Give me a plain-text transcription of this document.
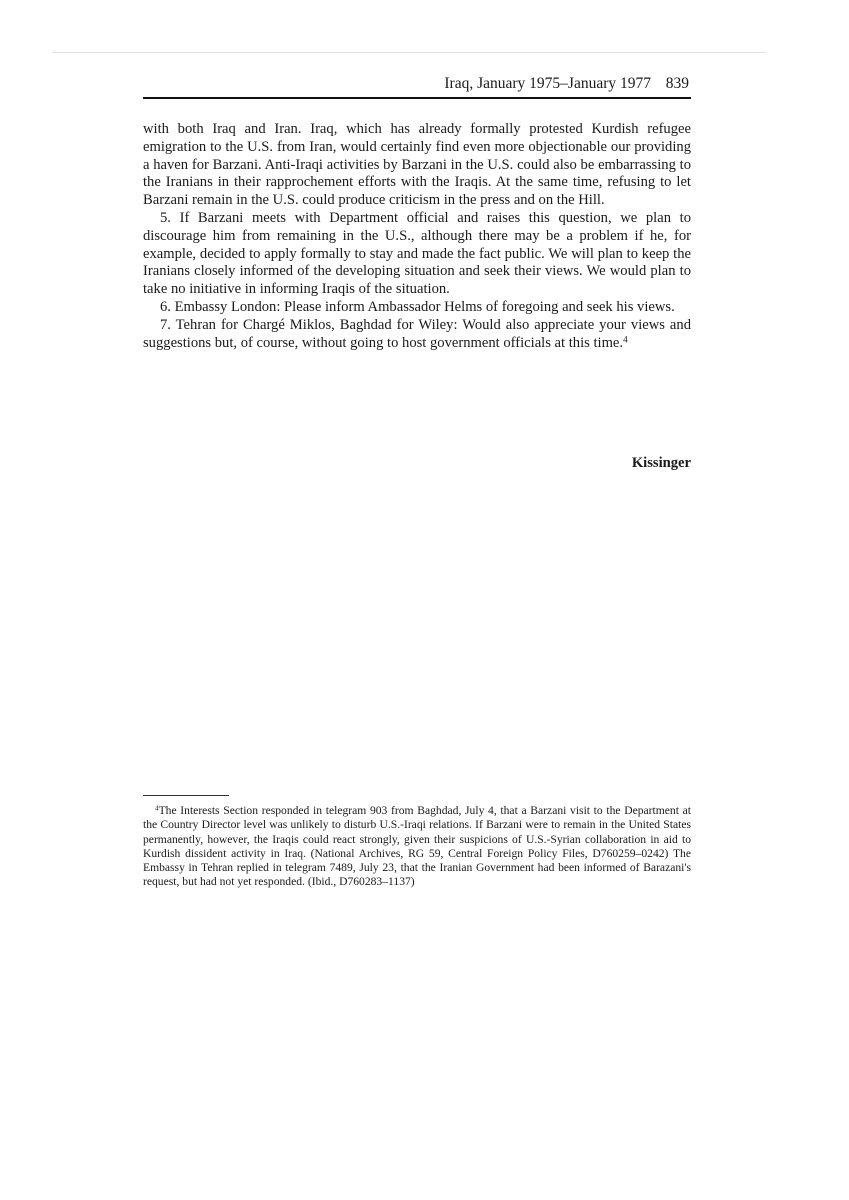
Iraq, January 1975–January 1977 839

with both Iraq and Iran. Iraq, which has already formally protested Kurdish refugee emigration to the U.S. from Iran, would certainly find even more objectionable our providing a haven for Barzani. Anti-Iraqi activities by Barzani in the U.S. could also be embarrassing to the Iranians in their rapprochement efforts with the Iraqis. At the same time, refusing to let Barzani remain in the U.S. could produce criticism in the press and on the Hill.

5. If Barzani meets with Department official and raises this question, we plan to discourage him from remaining in the U.S., although there may be a problem if he, for example, decided to apply formally to stay and made the fact public. We will plan to keep the Iranians closely informed of the developing situation and seek their views. We would plan to take no initiative in informing Iraqis of the situation.

6. Embassy London: Please inform Ambassador Helms of foregoing and seek his views.

7. Tehran for Chargé Miklos, Baghdad for Wiley: Would also appreciate your views and suggestions but, of course, without going to host government officials at this time.$^4$

Kissinger
$^4$The Interests Section responded in telegram 903 from Baghdad, July 4, that a Barzani visit to the Department at the Country Director level was unlikely to disturb U.S.-Iraqi relations. If Barzani were to remain in the United States permanently, however, the Iraqis could react strongly, given their suspicions of U.S.-Syrian collaboration in aid to Kurdish dissident activity in Iraq. (National Archives, RG 59, Central Foreign Policy Files, D760259–0242) The Embassy in Tehran replied in telegram 7489, July 23, that the Iranian Government had been informed of Barazani's request, but had not yet responded. (Ibid., D760283–1137)
